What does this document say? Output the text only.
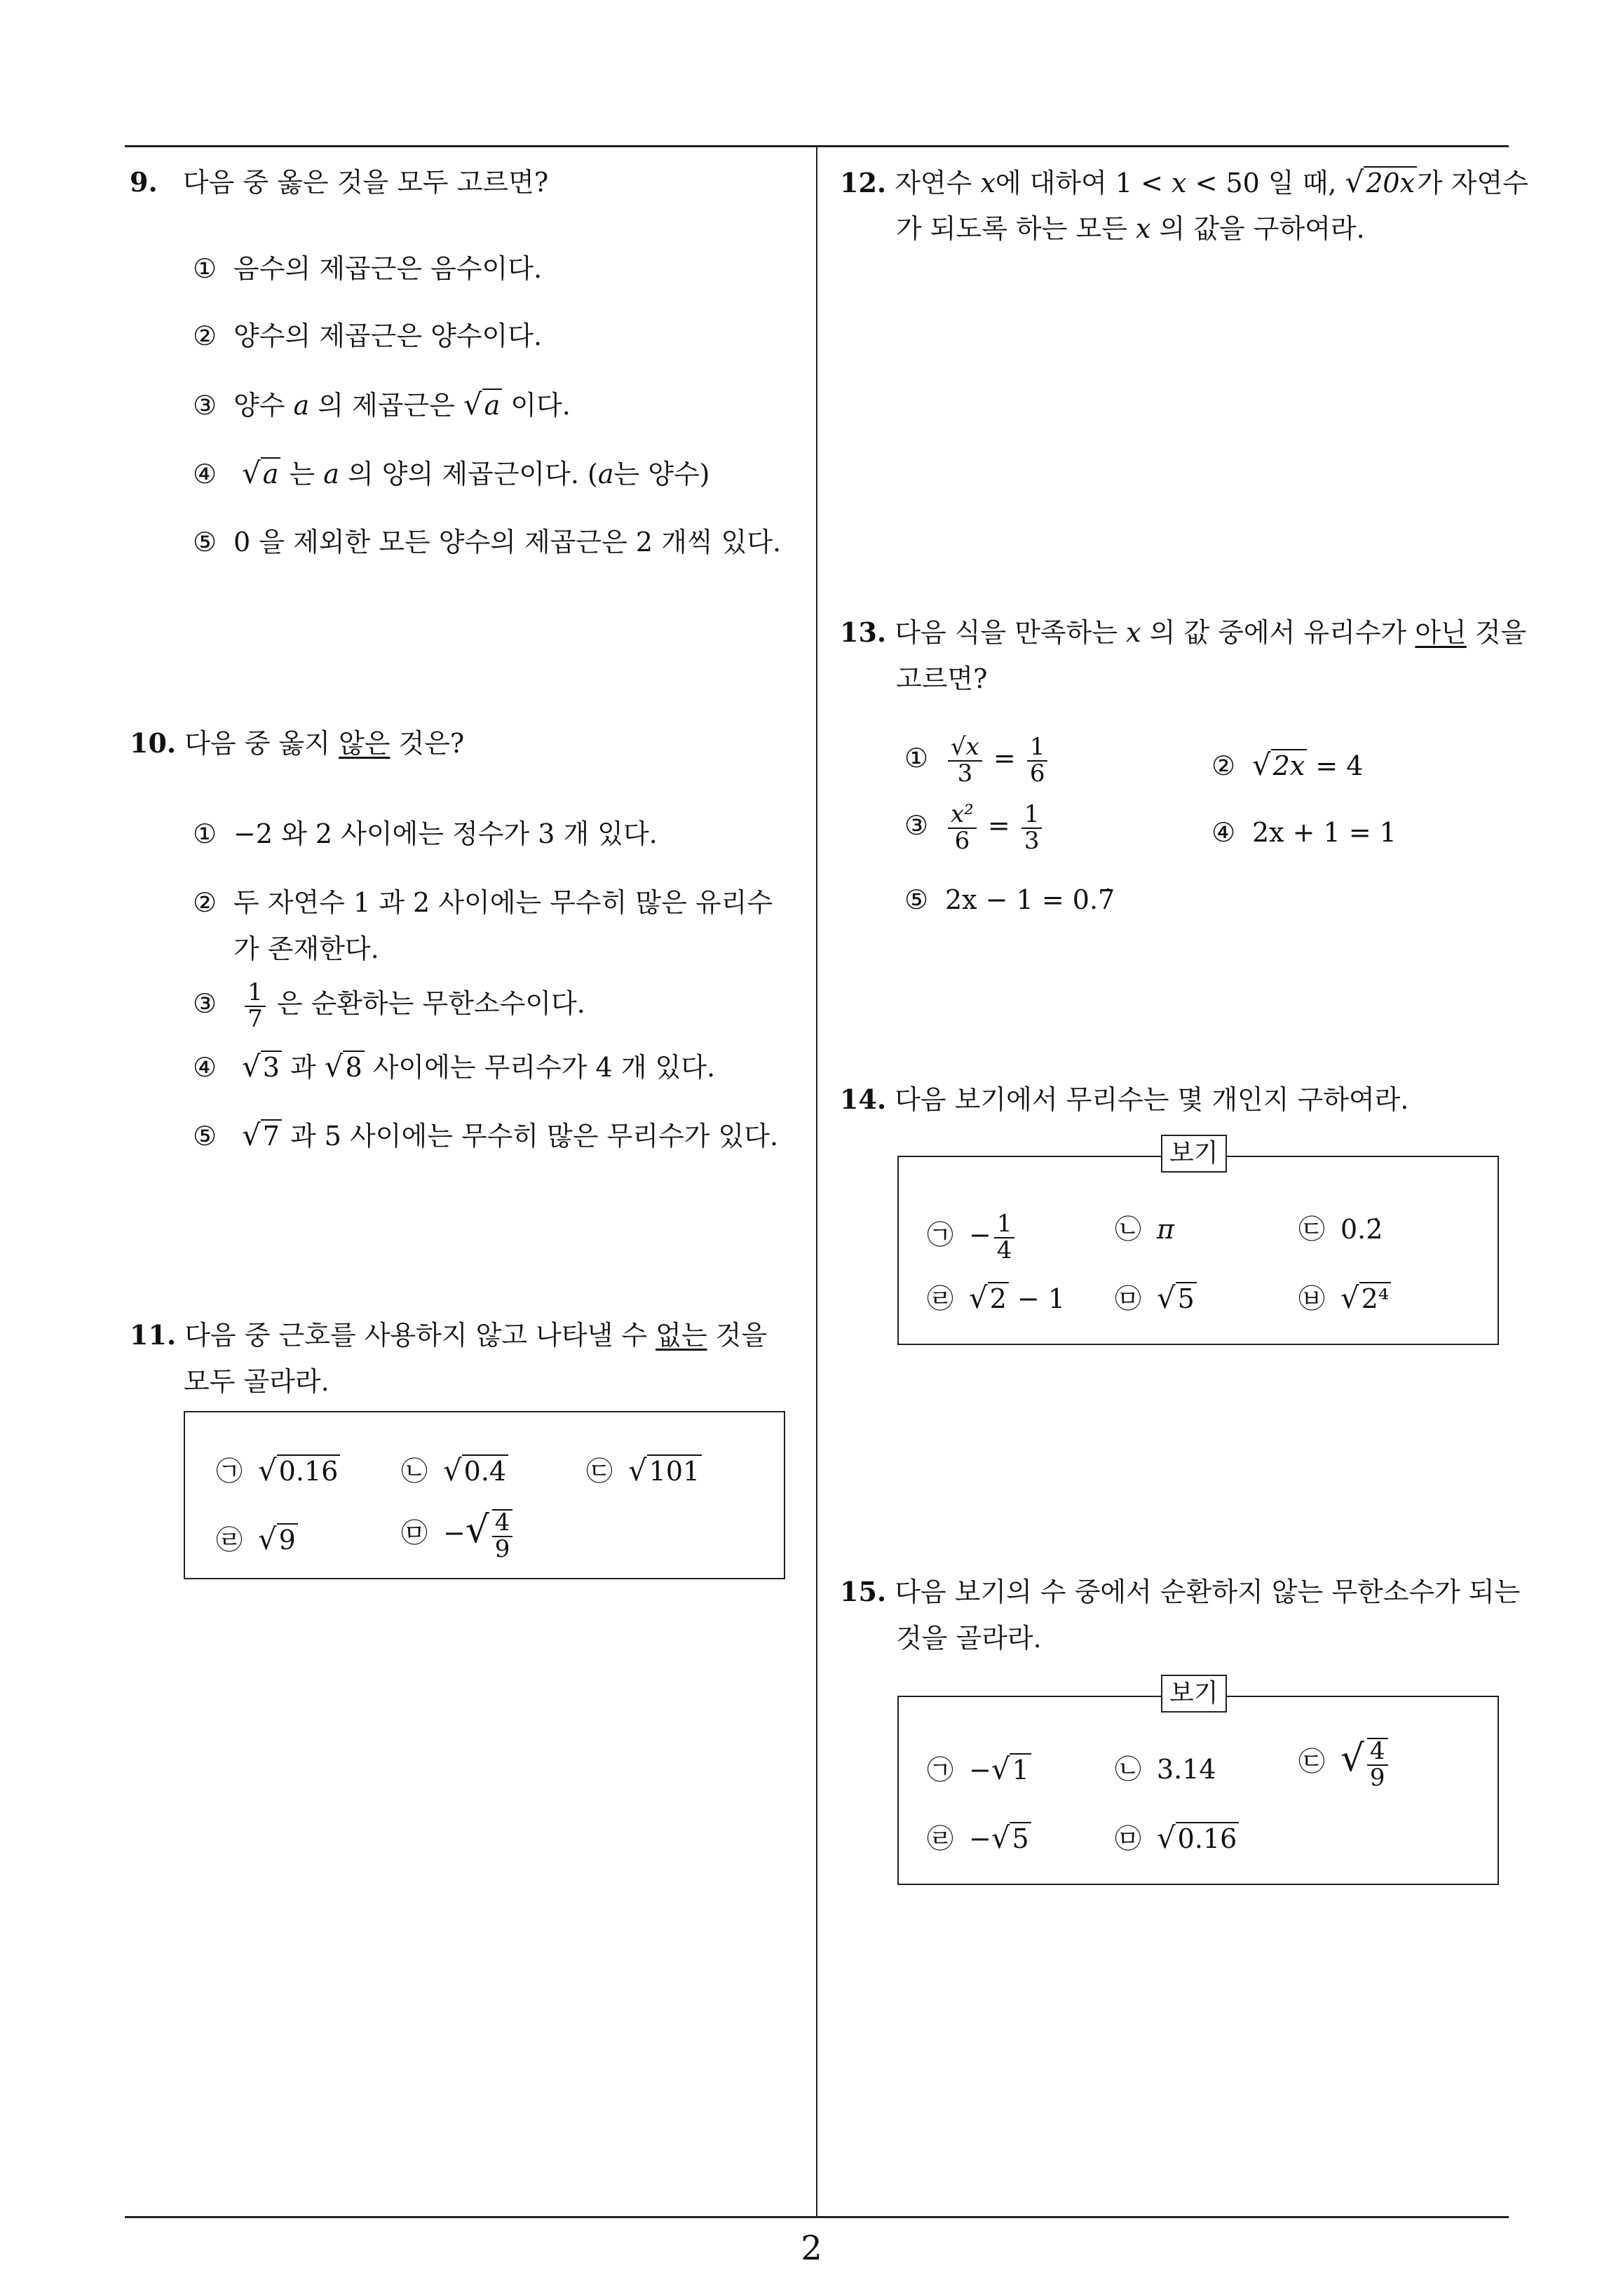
9. 다음 중 옳은 것을 모두 고르면?
① 음수의 제곱근은 음수이다.
② 양수의 제곱근은 양수이다.
③ 양수 a 의 제곱근은 √a 이다.
④ √a 는 a 의 양의 제곱근이다. (a는 양수)
⑤ 0 을 제외한 모든 양수의 제곱근은 2 개씩 있다.
10. 다음 중 옳지 않은 것은?
① −2 와 2 사이에는 정수가 3 개 있다.
② 두 자연수 1 과 2 사이에는 무수히 많은 유리수
가 존재한다.
③ $\frac{1}{7}$ 은 순환하는 무한소수이다.
④ √3 과 √8 사이에는 무리수가 4 개 있다.
⑤ √7 과 5 사이에는 무수히 많은 무리수가 있다.
11. 다음 중 근호를 사용하지 않고 나타낼 수 없는 것을
모두 골라라.
㉠ √0.16 ㉡ √0.4	㉢ √101
㉣ √9	㉤ −√ $\frac{4}{9}$
12. 자연수 x에 대하여 1 < x < 50 일 때, √20x가 자연수
가 되도록 하는 모든 x 의 값을 구하여라.
13. 다음 식을 만족하는 x 의 값 중에서 유리수가 아닌 것을
고르면?
① $\frac{√x}{3} = \frac{1}{6}$	② √2x = 4
③ $\frac{\text{x²}}{6} = \frac{1}{3}$	④ 2x + 1 = 1
⑤ 2x − 1 = 0.7̇
14. 다음 보기에서 무리수는 몇 개인지 구하여라.
보기
㉠ − $\frac{1}{4}$	㉡ π	㉢ 0.2̇
㉣ √2 − 1 ㉤ √5	㉥ √2⁴
15. 다음 보기의 수 중에서 순환하지 않는 무한소수가 되는
것을 골라라.
보기
㉠ −√1	㉡ 3.14	㉢ √ $\frac{4}{9}$
㉣ −√5	㉤ √0.16
2
